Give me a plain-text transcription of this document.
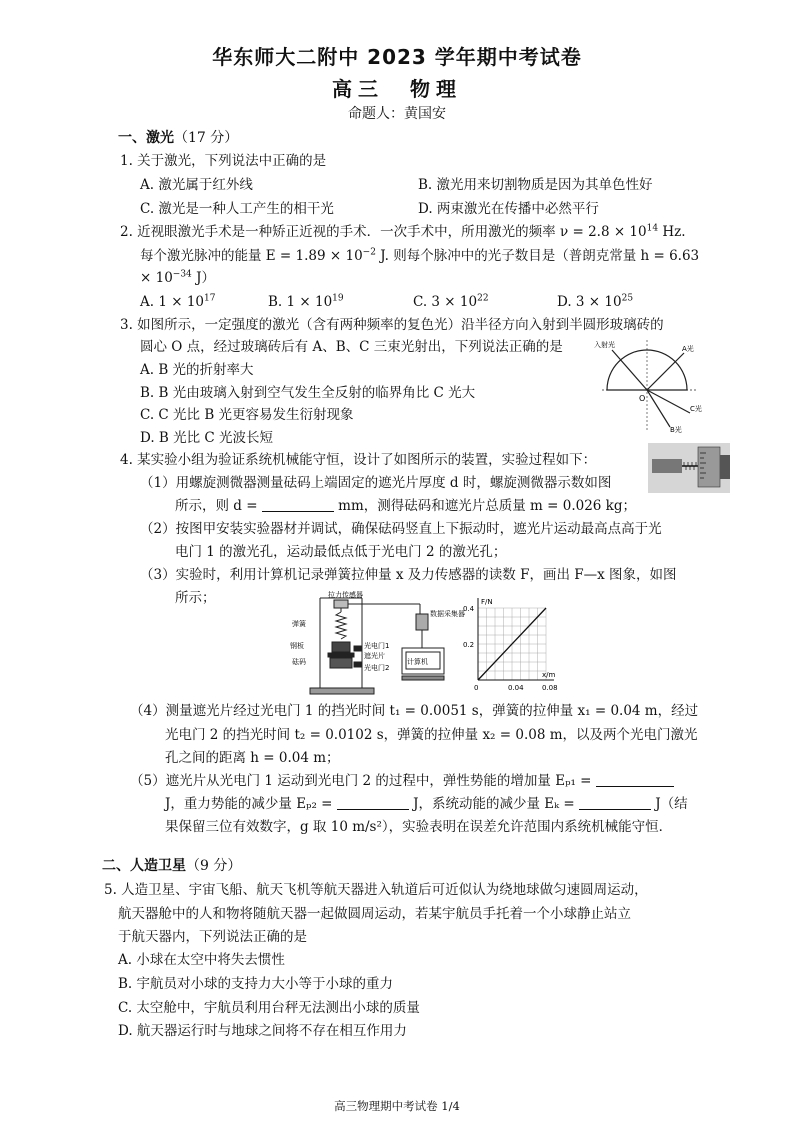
华东师大二附中 2023 学年期中考试卷
高三　物理
命题人：黄国安
一、激光（17 分）
1. 关于激光，下列说法中正确的是
A. 激光属于红外线	B. 激光用来切割物质是因为其单色性好
C. 激光是一种人工产生的相干光	D. 两束激光在传播中必然平行
2. 近视眼激光手术是一种矫正近视的手术．一次手术中，所用激光的频率 $\nu = 2.8 \times 10^{14}$ Hz.
每个激光脉冲的能量 $E = 1.89 \times 10^{-2}$ J. 则每个脉冲中的光子数目是（普朗克常量 h = 6.63
× $10^{-34}$ J）
A. $1 \times 10^{17}$	B. $1 \times 10^{19}$	C. $3 \times 10^{22}$	D. $3 \times 10^{25}$
3. 如图所示，一定强度的激光（含有两种频率的复色光）沿半径方向入射到半圆形玻璃砖的
圆心 O 点，经过玻璃砖后有 A、B、C 三束光射出，下列说法正确的是
A. B 光的折射率大
B. B 光由玻璃入射到空气发生全反射的临界角比 C 光大
C. C 光比 B 光更容易发生衍射现象
D. B 光比 C 光波长短
入射光	A光
C光
B光
O
4. 某实验小组为验证系统机械能守恒，设计了如图所示的装置，实验过程如下：
（1）用螺旋测微器测量砝码上端固定的遮光片厚度 d 时，螺旋测微器示数如图
所示，则 d =	mm，测得砝码和遮光片总质量 m = 0.026 kg；
（2）按图甲安装实验器材并调试，确保砝码竖直上下振动时，遮光片运动最高点高于光
电门 1 的激光孔，运动最低点低于光电门 2 的激光孔；
（3）实验时，利用计算机记录弹簧拉伸量 x 及力传感器的读数 F，画出 F—x 图象，如图
所示；	拉力传感器
弹簧
钢板
砝码
光电门1
遮光片
光电门2
数据采集器
计算机
0	0.04	0.08
0.2
0.4
F/N
x/m
（4）测量遮光片经过光电门 1 的挡光时间 t₁ = 0.0051 s，弹簧的拉伸量 x₁ = 0.04 m，经过
光电门 2 的挡光时间 t₂ = 0.0102 s，弹簧的拉伸量 x₂ = 0.08 m，以及两个光电门激光
孔之间的距离 h = 0.04 m；
（5）遮光片从光电门 1 运动到光电门 2 的过程中，弹性势能的增加量 Eₚ₁ =
J，重力势能的减少量 Eₚ₂ =	J，系统动能的减少量 Eₖ =	J（结
果保留三位有效数字，g 取 10 m/s²），实验表明在误差允许范围内系统机械能守恒．
二、人造卫星（9 分）
5. 人造卫星、宇宙飞船、航天飞机等航天器进入轨道后可近似认为绕地球做匀速圆周运动，
航天器舱中的人和物将随航天器一起做圆周运动，若某宇航员手托着一个小球静止站立
于航天器内，下列说法正确的是
A. 小球在太空中将失去惯性
B. 宇航员对小球的支持力大小等于小球的重力
C. 太空舱中，宇航员利用台秤无法测出小球的质量
D. 航天器运行时与地球之间将不存在相互作用力
高三物理期中考试卷 1/4
